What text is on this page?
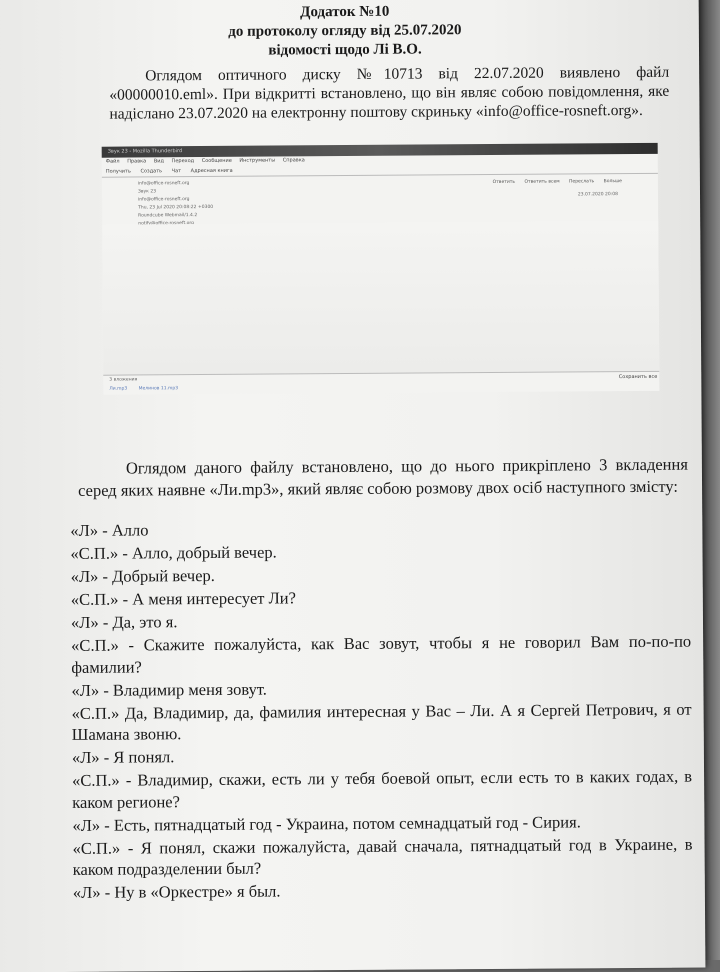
Додаток №10
до протоколу огляду від 25.07.2020
відомості щодо Лі В.О.
Оглядом оптичного диску №10713 від 22.07.2020 виявлено файл «00000010.eml». При відкритті встановлено, що він являє собою повідомлення, яке надіслано 23.07.2020 на електронну поштову скриньку «info@office-rosneft.org».
Звук 23 - Mozilla Thunderbird
Файл Правка Вид Переход Сообщение Инструменты Справка
Получить Создать Чат Адресная книга
info@office-rosneft.org
Звук 23
info@office-rosneft.org
Thu, 23 Jul 2020 20:08:22 +0300
Roundcube Webmail/1.4.2
Ответить Ответить всем Переслать Больше
23.07.2020 20:08
3 вложения
Ли.mp3	Мелинов 11.mp3
Сохранить все
Оглядом даного файлу встановлено, що до нього прикріплено 3 вкладення серед яких наявне «Ли.mp3», який являє собою розмову двох осіб наступного змісту:
«Л» - Алло
«С.П.» - Алло, добрый вечер.
«Л» - Добрый вечер.
«С.П.» - А меня интересует Ли?
«Л» - Да, это я.
«С.П.» - Скажите пожалуйста, как Вас зовут, чтобы я не говорил Вам по-по-по фамилии?
«Л» - Владимир меня зовут.
«С.П.» Да, Владимир, да, фамилия интересная у Вас – Ли. А я Сергей Петрович, я от Шамана звоню.
«Л» - Я понял.
«С.П.» - Владимир, скажи, есть ли у тебя боевой опыт, если есть то в каких годах, в каком регионе?
«Л» - Есть, пятнадцатый год - Украина, потом семнадцатый год - Сирия.
«С.П.» - Я понял, скажи пожалуйста, давай сначала, пятнадцатый год в Украине, в каком подразделении был?
«Л» - Ну в «Оркестре» я был.
